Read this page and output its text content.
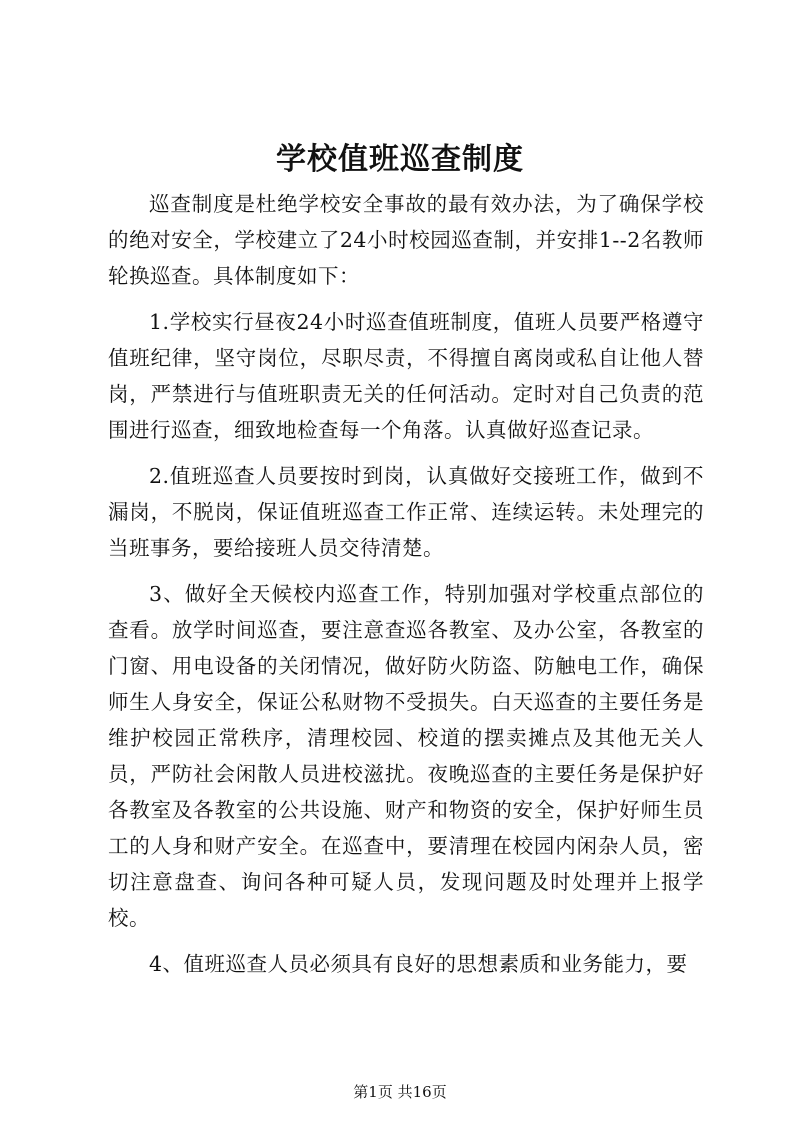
学校值班巡查制度

巡查制度是杜绝学校安全事故的最有效办法，为了确保学校的绝对安全，学校建立了24小时校园巡查制，并安排1--2名教师轮换巡查。具体制度如下：

1.学校实行昼夜24小时巡查值班制度，值班人员要严格遵守值班纪律，坚守岗位，尽职尽责，不得擅自离岗或私自让他人替岗，严禁进行与值班职责无关的任何活动。定时对自己负责的范围进行巡查，细致地检查每一个角落。认真做好巡查记录。

2.值班巡查人员要按时到岗，认真做好交接班工作，做到不漏岗，不脱岗，保证值班巡查工作正常、连续运转。未处理完的当班事务，要给接班人员交待清楚。

3、做好全天候校内巡查工作，特别加强对学校重点部位的查看。放学时间巡查，要注意查巡各教室、及办公室，各教室的门窗、用电设备的关闭情况，做好防火防盗、防触电工作，确保师生人身安全，保证公私财物不受损失。白天巡查的主要任务是维护校园正常秩序，清理校园、校道的摆卖摊点及其他无关人员，严防社会闲散人员进校滋扰。夜晚巡查的主要任务是保护好各教室及各教室的公共设施、财产和物资的安全，保护好师生员工的人身和财产安全。在巡查中，要清理在校园内闲杂人员，密切注意盘查、询问各种可疑人员，发现问题及时处理并上报学校。

4、值班巡查人员必须具有良好的思想素质和业务能力，要

第1页 共16页
